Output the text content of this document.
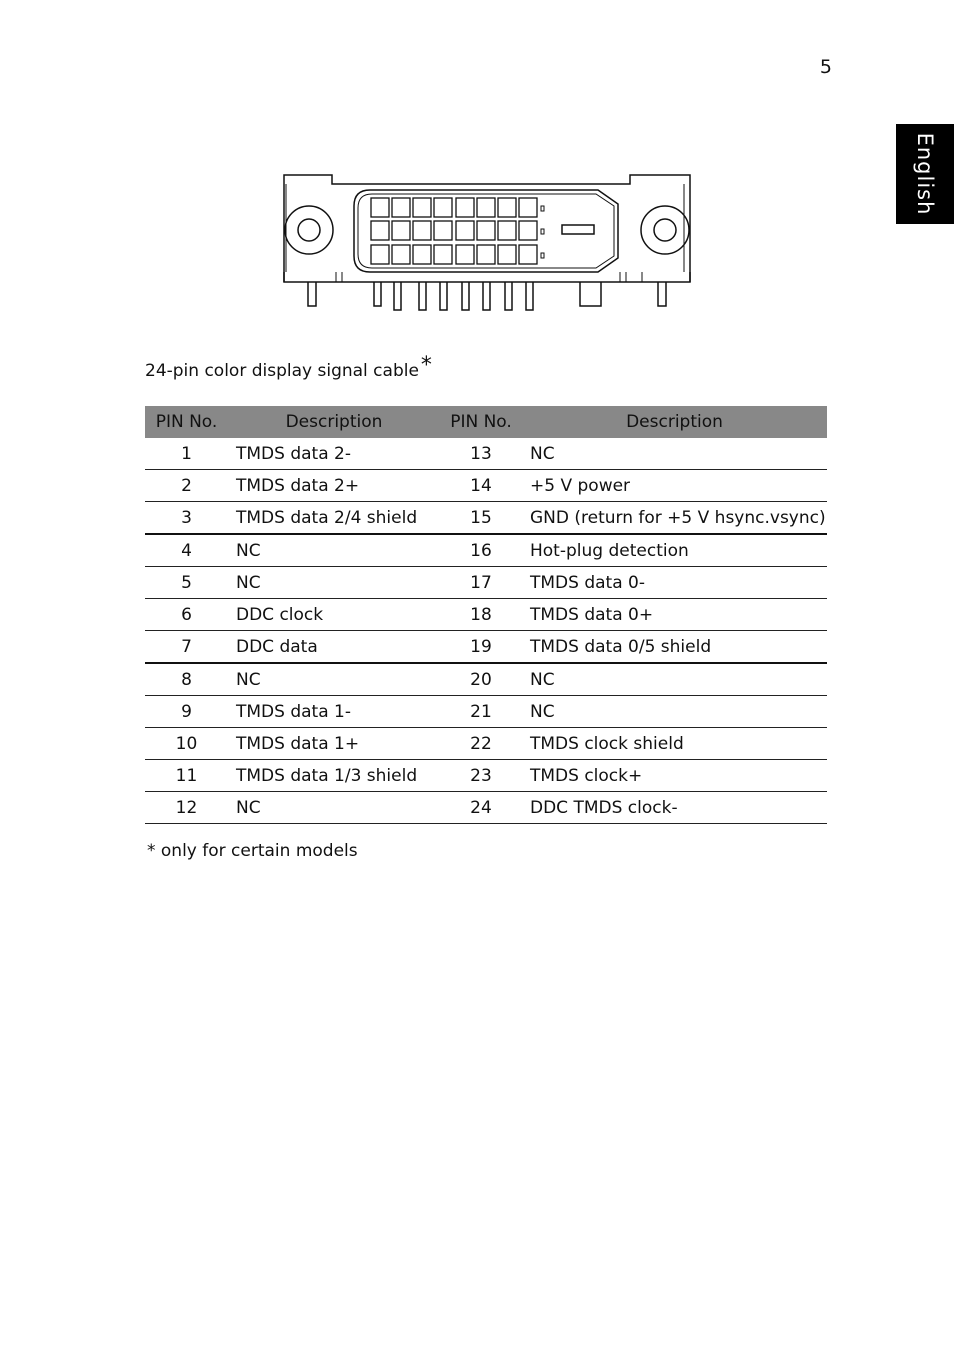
5
English
24-pin color display signal cable*
PIN No.	Description	PIN No.	Description
1	TMDS data 2-	13	NC
2	TMDS data 2+	14	+5 V power
3	TMDS data 2/4 shield	15	GND (return for +5 V hsync.vsync)
4	NC	16	Hot-plug detection
5	NC	17	TMDS data 0-
6	DDC clock	18	TMDS data 0+
7	DDC data	19	TMDS data 0/5 shield
8	NC	20	NC
9	TMDS data 1-	21	NC
10	TMDS data 1+	22	TMDS clock shield
11	TMDS data 1/3 shield	23	TMDS clock+
12	NC	24	DDC TMDS clock-
* only for certain models
